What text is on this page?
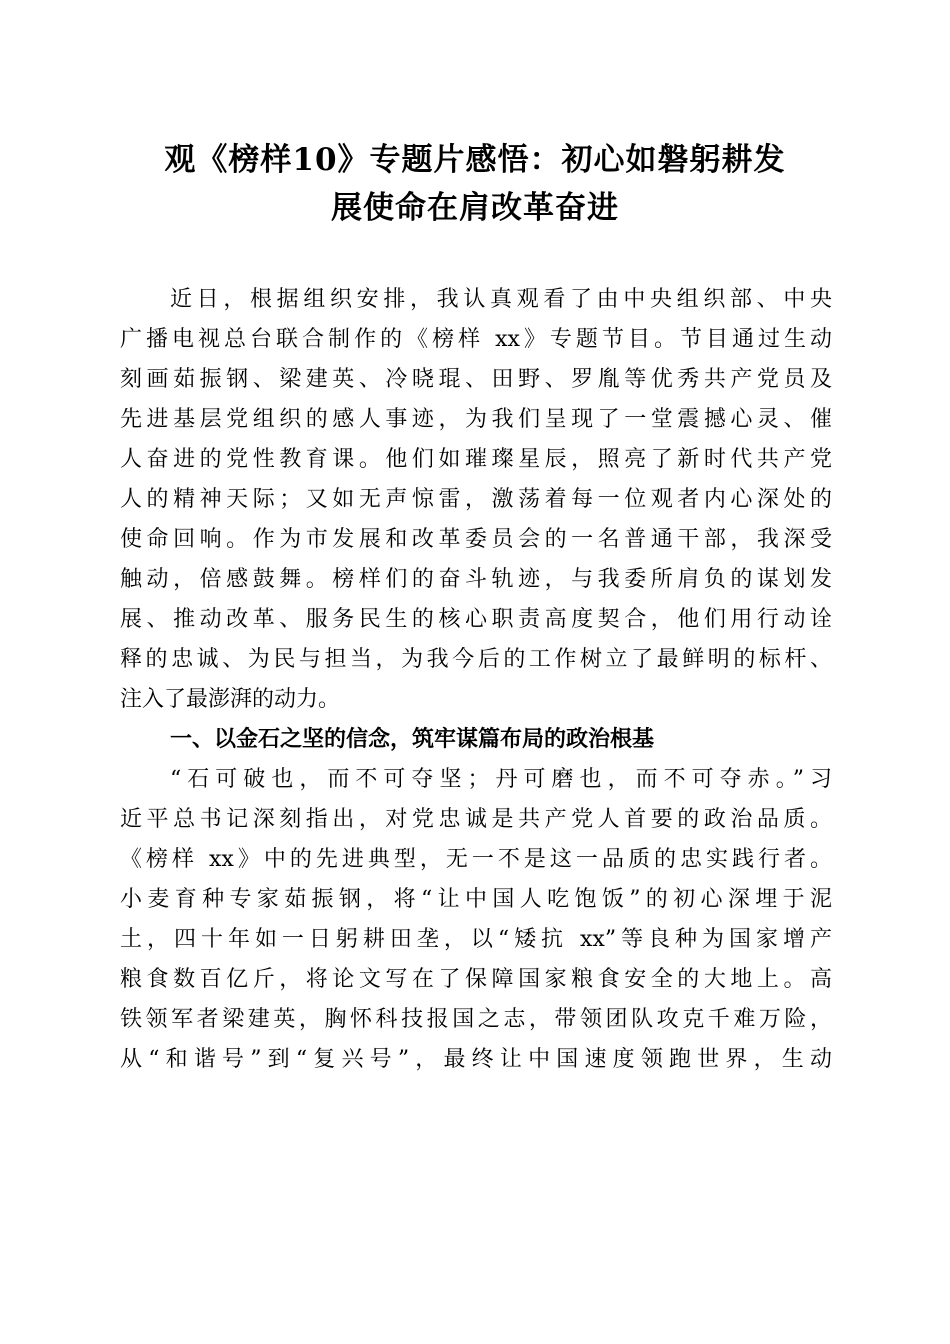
观《榜样10》专题片感悟：初心如磐躬耕发
展使命在肩改革奋进
近日，根据组织安排，我认真观看了由中央组织部、中央
广播电视总台联合制作的《榜样 xx》专题节目。节目通过生动
刻画茹振钢、梁建英、冷晓琨、田野、罗胤等优秀共产党员及
先进基层党组织的感人事迹，为我们呈现了一堂震撼心灵、催
人奋进的党性教育课。他们如璀璨星辰，照亮了新时代共产党
人的精神天际；又如无声惊雷，激荡着每一位观者内心深处的
使命回响。作为市发展和改革委员会的一名普通干部，我深受
触动，倍感鼓舞。榜样们的奋斗轨迹，与我委所肩负的谋划发
展、推动改革、服务民生的核心职责高度契合，他们用行动诠
释的忠诚、为民与担当，为我今后的工作树立了最鲜明的标杆、
注入了最澎湃的动力。
一、以金石之坚的信念，筑牢谋篇布局的政治根基
“石可破也，而不可夺坚；丹可磨也，而不可夺赤。”习
近平总书记深刻指出，对党忠诚是共产党人首要的政治品质。
《榜样 xx》中的先进典型，无一不是这一品质的忠实践行者。
小麦育种专家茹振钢，将“让中国人吃饱饭”的初心深埋于泥
土，四十年如一日躬耕田垄，以“矮抗 xx”等良种为国家增产
粮食数百亿斤，将论文写在了保障国家粮食安全的大地上。高
铁领军者梁建英，胸怀科技报国之志，带领团队攻克千难万险，
从“和谐号”到“复兴号”，最终让中国速度领跑世界，生动
